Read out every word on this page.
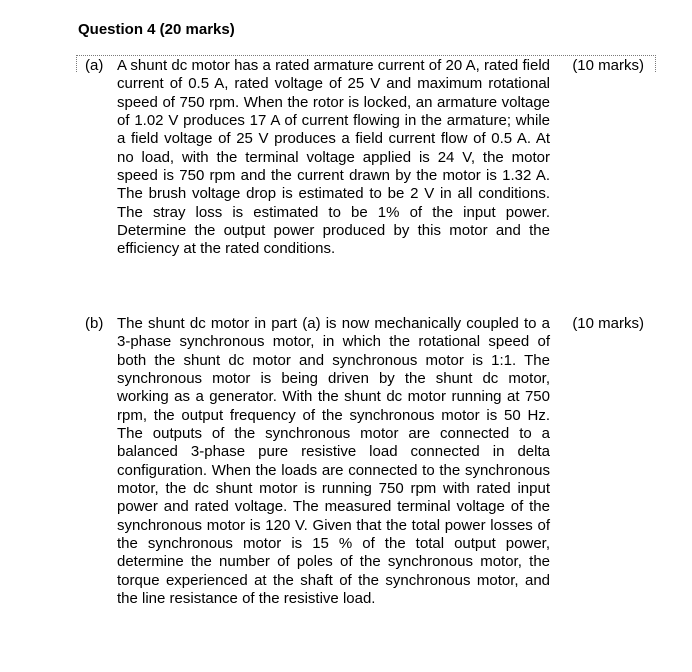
Question 4 (20 marks)
(a) A shunt dc motor has a rated armature current of 20 A, rated field current of 0.5 A, rated voltage of 25 V and maximum rotational speed of 750 rpm. When the rotor is locked, an armature voltage of 1.02 V produces 17 A of current flowing in the armature; while a field voltage of 25 V produces a field current flow of 0.5 A. At no load, with the terminal voltage applied is 24 V, the motor speed is 750 rpm and the current drawn by the motor is 1.32 A. The brush voltage drop is estimated to be 2 V in all conditions. The stray loss is estimated to be 1% of the input power. Determine the output power produced by this motor and the efficiency at the rated conditions.
(10 marks)
(b) The shunt dc motor in part (a) is now mechanically coupled to a 3-phase synchronous motor, in which the rotational speed of both the shunt dc motor and synchronous motor is 1:1. The synchronous motor is being driven by the shunt dc motor, working as a generator. With the shunt dc motor running at 750 rpm, the output frequency of the synchronous motor is 50 Hz. The outputs of the synchronous motor are connected to a balanced 3-phase pure resistive load connected in delta configuration. When the loads are connected to the synchronous motor, the dc shunt motor is running 750 rpm with rated input power and rated voltage. The measured terminal voltage of the synchronous motor is 120 V. Given that the total power losses of the synchronous motor is 15 % of the total output power, determine the number of poles of the synchronous motor, the torque experienced at the shaft of the synchronous motor, and the line resistance of the resistive load.
(10 marks)
